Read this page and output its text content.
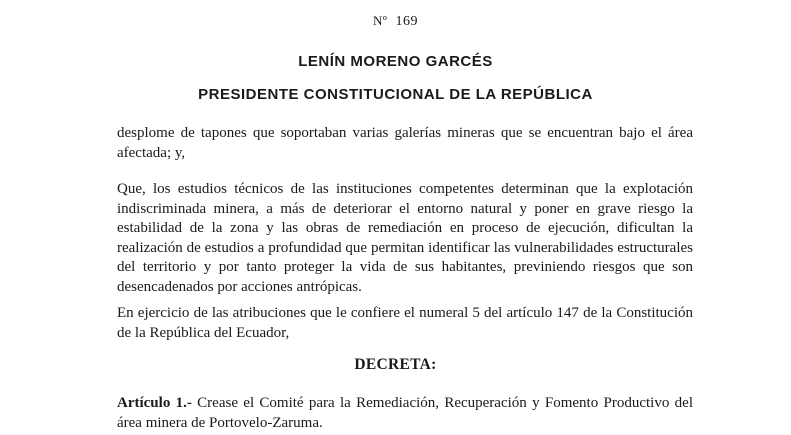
Nº 169
LENÍN MORENO GARCÉS
PRESIDENTE CONSTITUCIONAL DE LA REPÚBLICA
desplome de tapones que soportaban varias galerías mineras que se encuentran bajo el área afectada; y,
Que, los estudios técnicos de las instituciones competentes determinan que la explotación indiscriminada minera, a más de deteriorar el entorno natural y poner en grave riesgo la estabilidad de la zona y las obras de remediación en proceso de ejecución, dificultan la realización de estudios a profundidad que permitan identificar las vulnerabilidades estructurales del territorio y por tanto proteger la vida de sus habitantes, previniendo riesgos que son desencadenados por acciones antrópicas.
En ejercicio de las atribuciones que le confiere el numeral 5 del artículo 147 de la Constitución de la República del Ecuador,
DECRETA:
Artículo 1.- Crease el Comité para la Remediación, Recuperación y Fomento Productivo del área minera de Portovelo-Zaruma.
